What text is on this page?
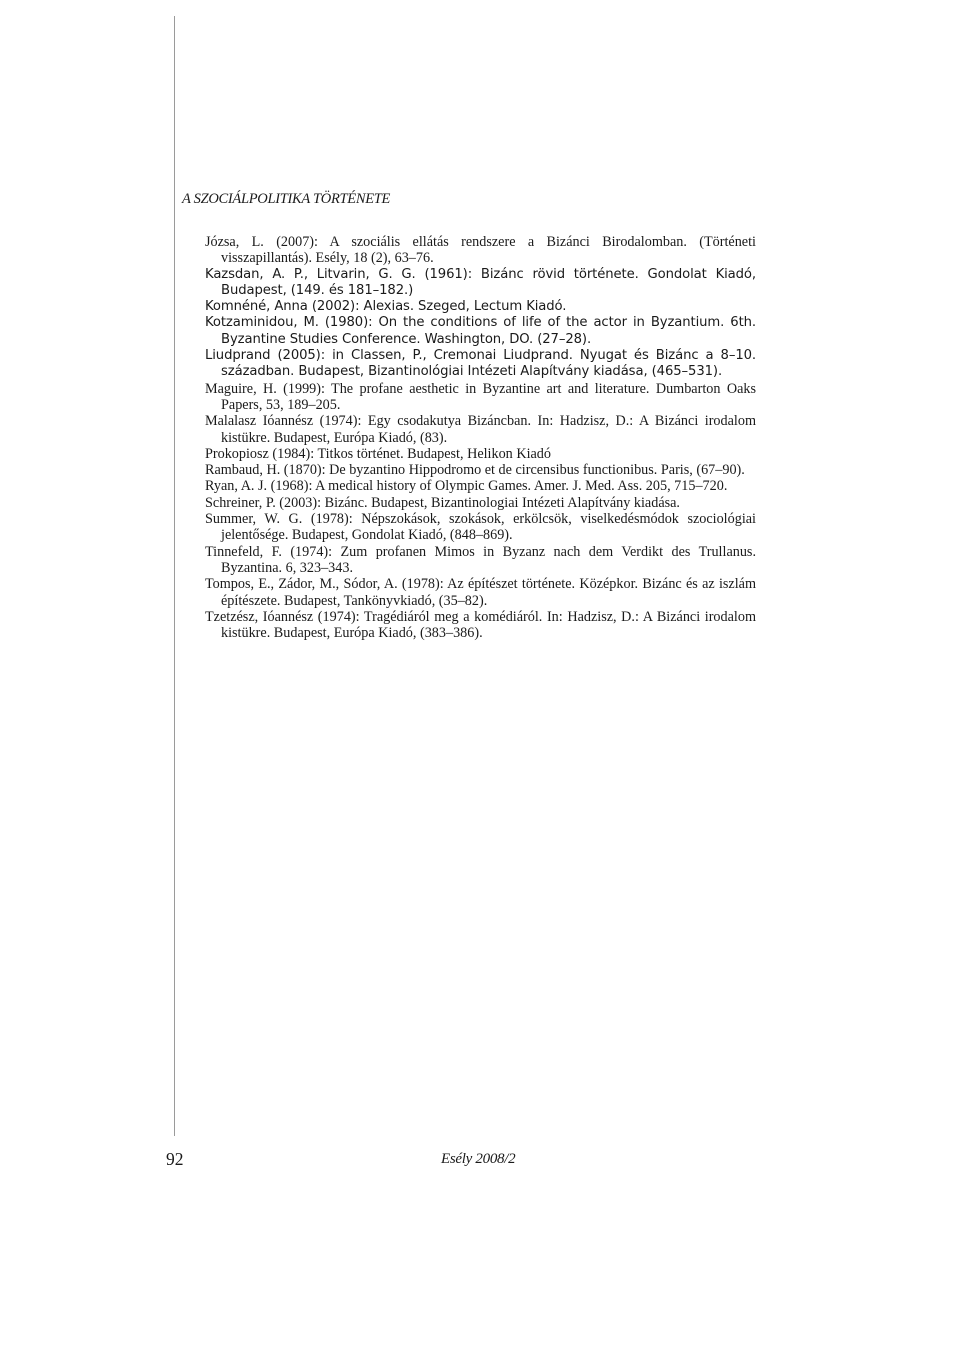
A SZOCIÁLPOLITIKA TÖRTÉNETE
Józsa, L. (2007): A szociális ellátás rendszere a Bizánci Birodalomban. (Történeti visszapillantás). Esély, 18 (2), 63–76.
Kazsdan, A. P., Litvarin, G. G. (1961): Bizánc rövid története. Gondolat Kiadó, Budapest, (149. és 181–182.)
Komnéné, Anna (2002): Alexias. Szeged, Lectum Kiadó.
Kotzaminidou, M. (1980): On the conditions of life of the actor in Byzantium. 6th. Byzantine Studies Conference. Washington, DO. (27–28).
Liudprand (2005): in Classen, P., Cremonai Liudprand. Nyugat és Bizánc a 8–10. században. Budapest, Bizantinológiai Intézeti Alapítvány kiadása, (465–531).
Maguire, H. (1999): The profane aesthetic in Byzantine art and literature. Dumbarton Oaks Papers, 53, 189–205.
Malalasz Ióannész (1974): Egy csodakutya Bizáncban. In: Hadzisz, D.: A Bizánci irodalom kistükre. Budapest, Európa Kiadó, (83).
Prokopiosz (1984): Titkos történet. Budapest, Helikon Kiadó
Rambaud, H. (1870): De byzantino Hippodromo et de circensibus functionibus. Paris, (67–90).
Ryan, A. J. (1968): A medical history of Olympic Games. Amer. J. Med. Ass. 205, 715–720.
Schreiner, P. (2003): Bizánc. Budapest, Bizantinologiai Intézeti Alapítvány kiadása.
Summer, W. G. (1978): Népszokások, szokások, erkölcsök, viselkedésmódok szociológiai jelentősége. Budapest, Gondolat Kiadó, (848–869).
Tinnefeld, F. (1974): Zum profanen Mimos in Byzanz nach dem Verdikt des Trullanus. Byzantina. 6, 323–343.
Tompos, E., Zádor, M., Sódor, A. (1978): Az építészet története. Középkor. Bizánc és az iszlám építészete. Budapest, Tankönyvkiadó, (35–82).
Tzetzész, Ióannész (1974): Tragédiáról meg a komédiáról. In: Hadzisz, D.: A Bizánci irodalom kistükre. Budapest, Európa Kiadó, (383–386).
92	Esély 2008/2
